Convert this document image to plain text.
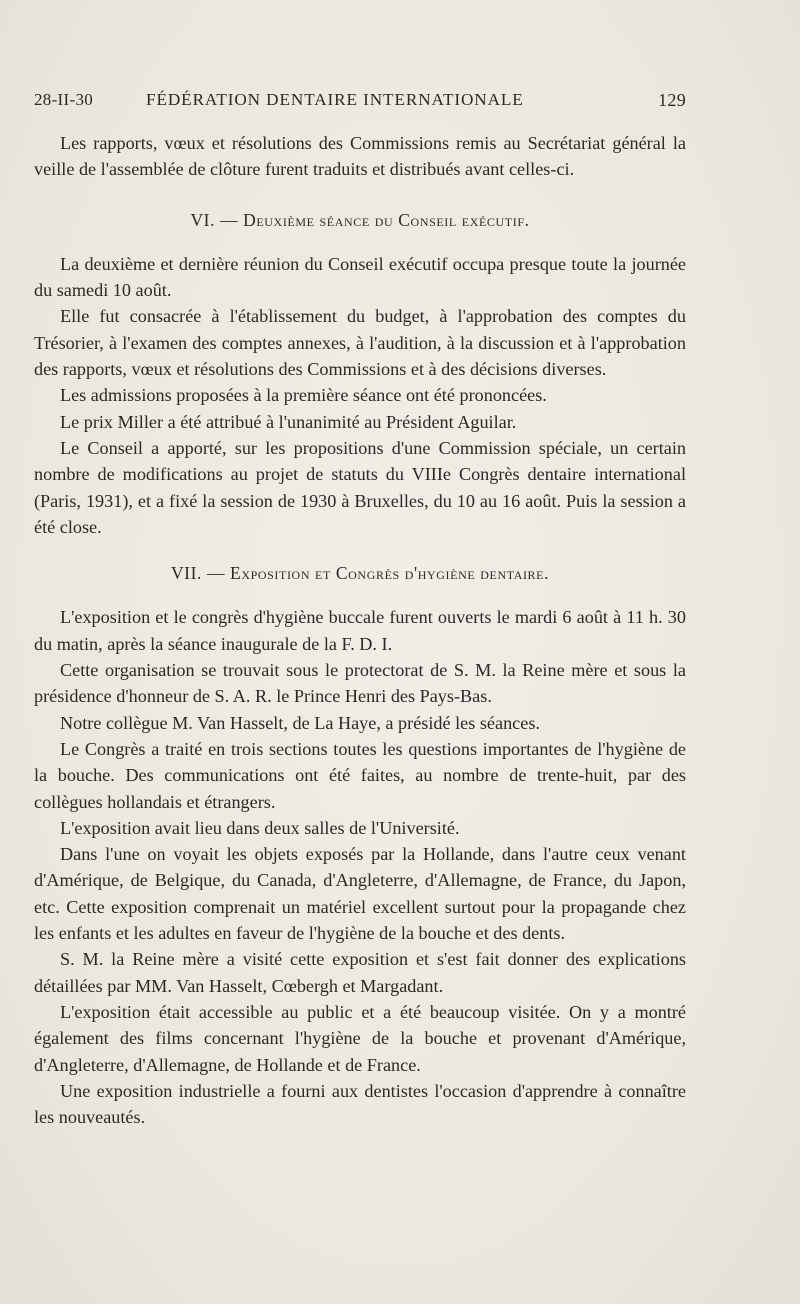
28-II-30	FÉDÉRATION DENTAIRE INTERNATIONALE	129

Les rapports, vœux et résolutions des Commissions remis au Secrétariat général la veille de l'assemblée de clôture furent traduits et distribués avant celles-ci.

VI. — Deuxième séance du Conseil exécutif.

La deuxième et dernière réunion du Conseil exécutif occupa presque toute la journée du samedi 10 août.

Elle fut consacrée à l'établissement du budget, à l'approbation des comptes du Trésorier, à l'examen des comptes annexes, à l'audition, à la discussion et à l'approbation des rapports, vœux et résolutions des Commissions et à des décisions diverses.

Les admissions proposées à la première séance ont été prononcées.

Le prix Miller a été attribué à l'unanimité au Président Aguilar.

Le Conseil a apporté, sur les propositions d'une Commission spéciale, un certain nombre de modifications au projet de statuts du VIIIe Congrès dentaire international (Paris, 1931), et a fixé la session de 1930 à Bruxelles, du 10 au 16 août. Puis la session a été close.

VII. — Exposition et Congrès d'hygiène dentaire.

L'exposition et le congrès d'hygiène buccale furent ouverts le mardi 6 août à 11 h. 30 du matin, après la séance inaugurale de la F. D. I.

Cette organisation se trouvait sous le protectorat de S. M. la Reine mère et sous la présidence d'honneur de S. A. R. le Prince Henri des Pays-Bas.

Notre collègue M. Van Hasselt, de La Haye, a présidé les séances.

Le Congrès a traité en trois sections toutes les questions importantes de l'hygiène de la bouche. Des communications ont été faites, au nombre de trente-huit, par des collègues hollandais et étrangers.

L'exposition avait lieu dans deux salles de l'Université.

Dans l'une on voyait les objets exposés par la Hollande, dans l'autre ceux venant d'Amérique, de Belgique, du Canada, d'Angleterre, d'Allemagne, de France, du Japon, etc. Cette exposition comprenait un matériel excellent surtout pour la propagande chez les enfants et les adultes en faveur de l'hygiène de la bouche et des dents.

S. M. la Reine mère a visité cette exposition et s'est fait donner des explications détaillées par MM. Van Hasselt, Cœbergh et Margadant.

L'exposition était accessible au public et a été beaucoup visitée. On y a montré également des films concernant l'hygiène de la bouche et provenant d'Amérique, d'Angleterre, d'Allemagne, de Hollande et de France.

Une exposition industrielle a fourni aux dentistes l'occasion d'apprendre à connaître les nouveautés.
